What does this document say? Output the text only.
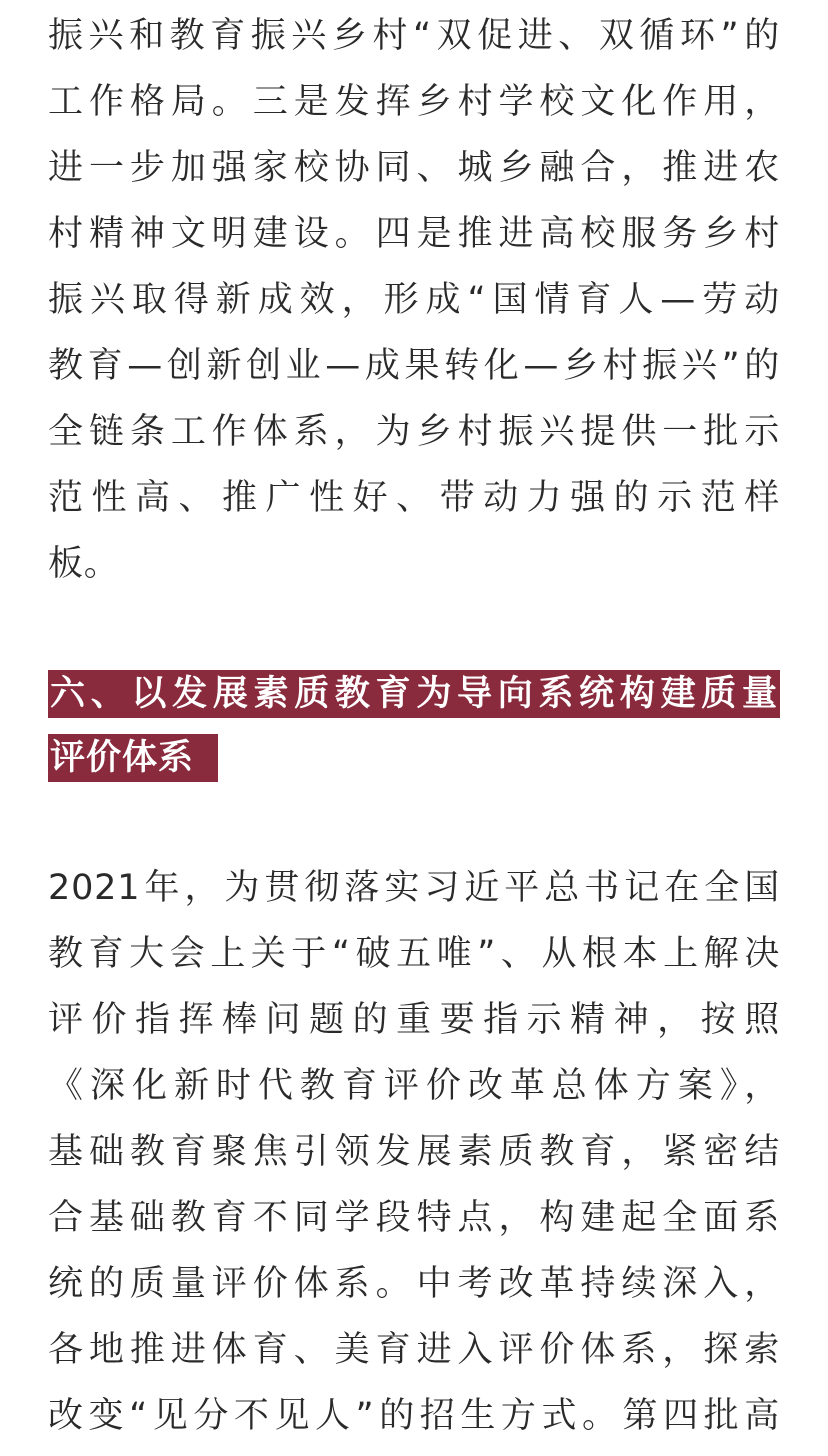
振兴和教育振兴乡村“双促进、双循环”的
工作格局。三是发挥乡村学校文化作用，
进一步加强家校协同、城乡融合，推进农
村精神文明建设。四是推进高校服务乡村
振兴取得新成效，形成“国情育人—劳动
教育—创新创业—成果转化—乡村振兴”的
全链条工作体系，为乡村振兴提供一批示
范性高、推广性好、带动力强的示范样
板。
六、以发展素质教育为导向系统构建质量
评价体系
2021年，为贯彻落实习近平总书记在全国
教育大会上关于“破五唯”、从根本上解决
评价指挥棒问题的重要指示精神，按照
《深化新时代教育评价改革总体方案》，
基础教育聚焦引领发展素质教育，紧密结
合基础教育不同学段特点，构建起全面系
统的质量评价体系。中考改革持续深入，
各地推进体育、美育进入评价体系，探索
改变“见分不见人”的招生方式。第四批高
